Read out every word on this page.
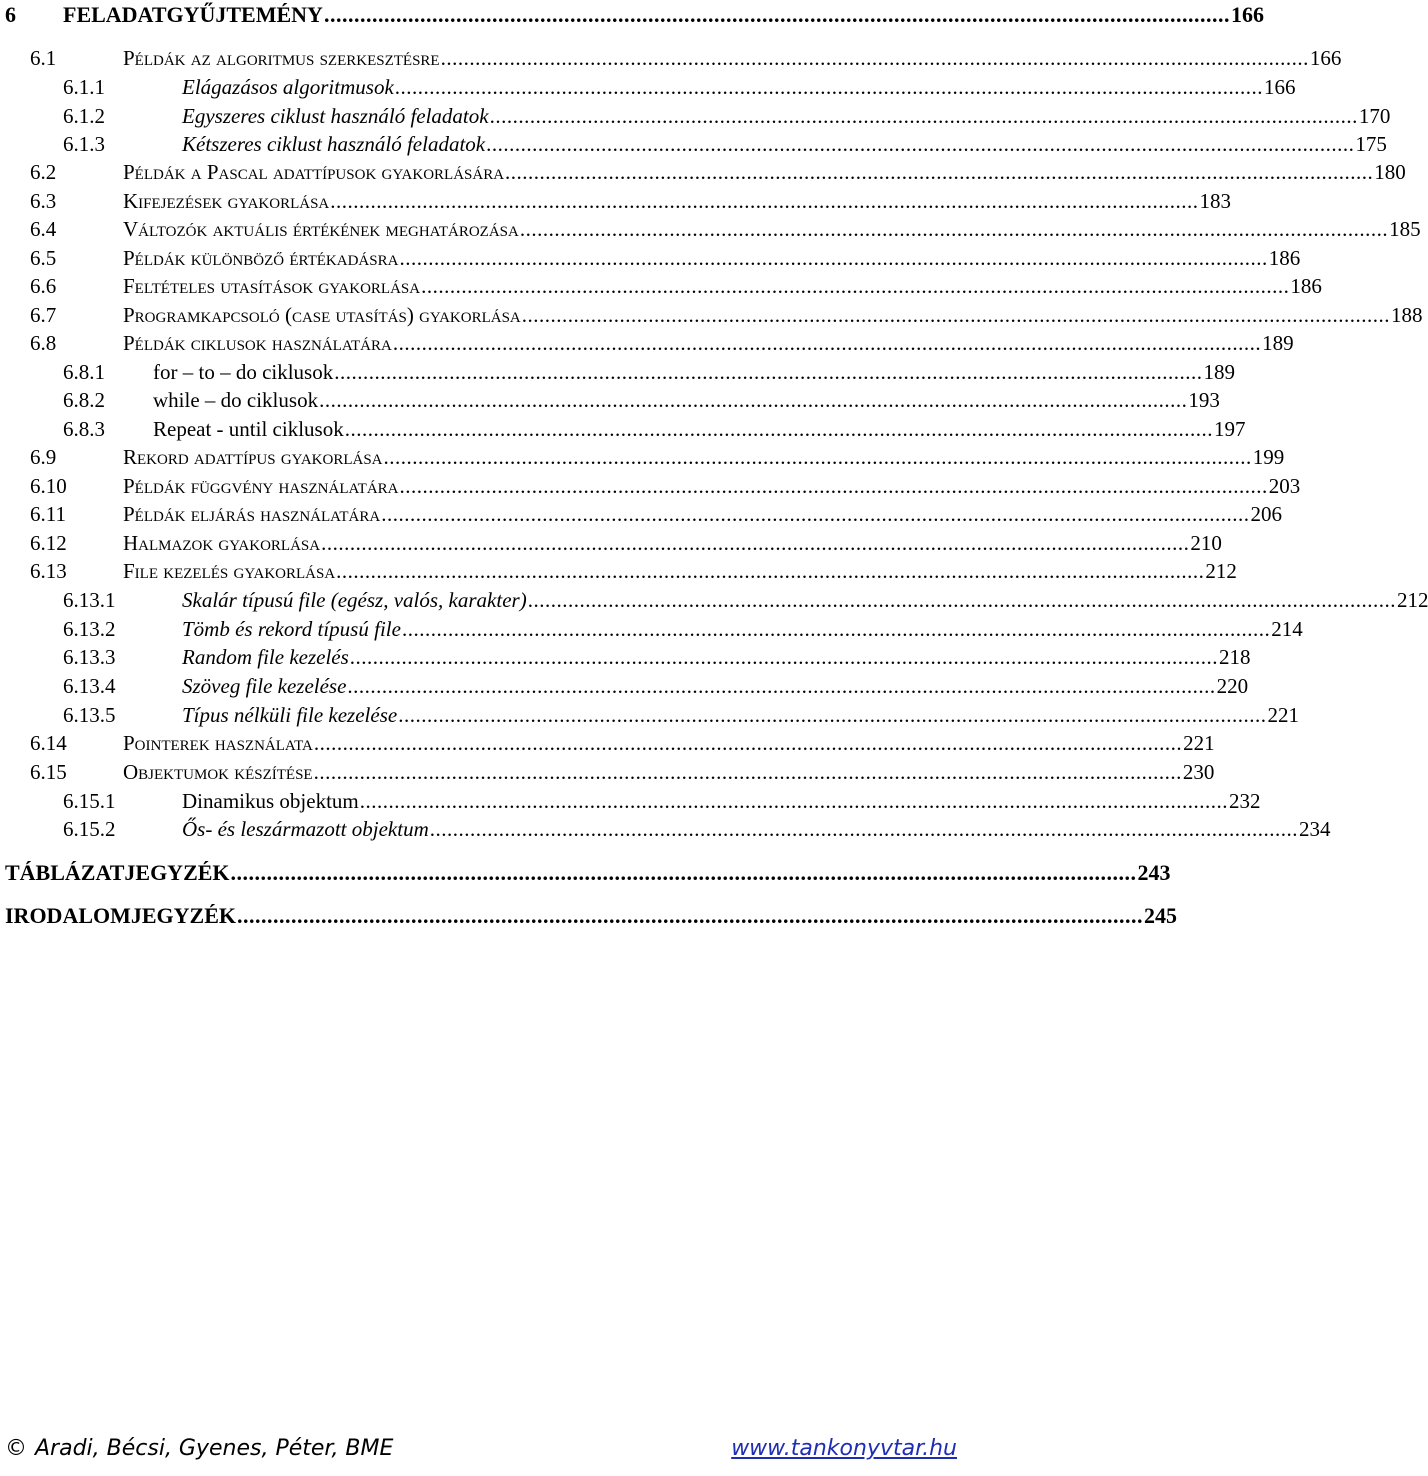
6 FELADATGYŰJTEMÉNY ....................................................................................................................................................... 166
6.1	Példák az algoritmus szerkesztésre ....................................................................................................................................................... 166
6.1.1	Elágazásos algoritmusok ....................................................................................................................................................... 166
6.1.2	Egyszeres ciklust használó feladatok ....................................................................................................................................................... 170
6.1.3	Kétszeres ciklust használó feladatok ....................................................................................................................................................... 175
6.2	Példák a Pascal adattípusok gyakorlására ....................................................................................................................................................... 180
6.3	Kifejezések gyakorlása ....................................................................................................................................................... 183
6.4	Változók aktuális értékének meghatározása ....................................................................................................................................................... 185
6.5	Példák különböző értékadásra ....................................................................................................................................................... 186
6.6	Feltételes utasítások gyakorlása ....................................................................................................................................................... 186
6.7	Programkapcsoló (case utasítás) gyakorlása ....................................................................................................................................................... 188
6.8	Példák ciklusok használatára ....................................................................................................................................................... 189
6.8.1 for – to – do ciklusok ....................................................................................................................................................... 189
6.8.2 while – do ciklusok ....................................................................................................................................................... 193
6.8.3 Repeat - until ciklusok ....................................................................................................................................................... 197
6.9	Rekord adattípus gyakorlása ....................................................................................................................................................... 199
6.10	Példák függvény használatára ....................................................................................................................................................... 203
6.11	Példák eljárás használatára ....................................................................................................................................................... 206
6.12	Halmazok gyakorlása ....................................................................................................................................................... 210
6.13	File kezelés gyakorlása ....................................................................................................................................................... 212
6.13.1	Skalár típusú file (egész, valós, karakter) ....................................................................................................................................................... 212
6.13.2	Tömb és rekord típusú file ....................................................................................................................................................... 214
6.13.3	Random file kezelés ....................................................................................................................................................... 218
6.13.4	Szöveg file kezelése ....................................................................................................................................................... 220
6.13.5	Típus nélküli file kezelése ....................................................................................................................................................... 221
6.14	Pointerek használata ....................................................................................................................................................... 221
6.15	Objektumok készítése ....................................................................................................................................................... 230
6.15.1	Dinamikus objektum ....................................................................................................................................................... 232
6.15.2	Ős- és leszármazott objektum ....................................................................................................................................................... 234
TÁBLÁZATJEGYZÉK ....................................................................................................................................................... 243
IRODALOMJEGYZÉK ....................................................................................................................................................... 245
© Aradi, Bécsi, Gyenes, Péter, BME	www.tankonyvtar.hu
